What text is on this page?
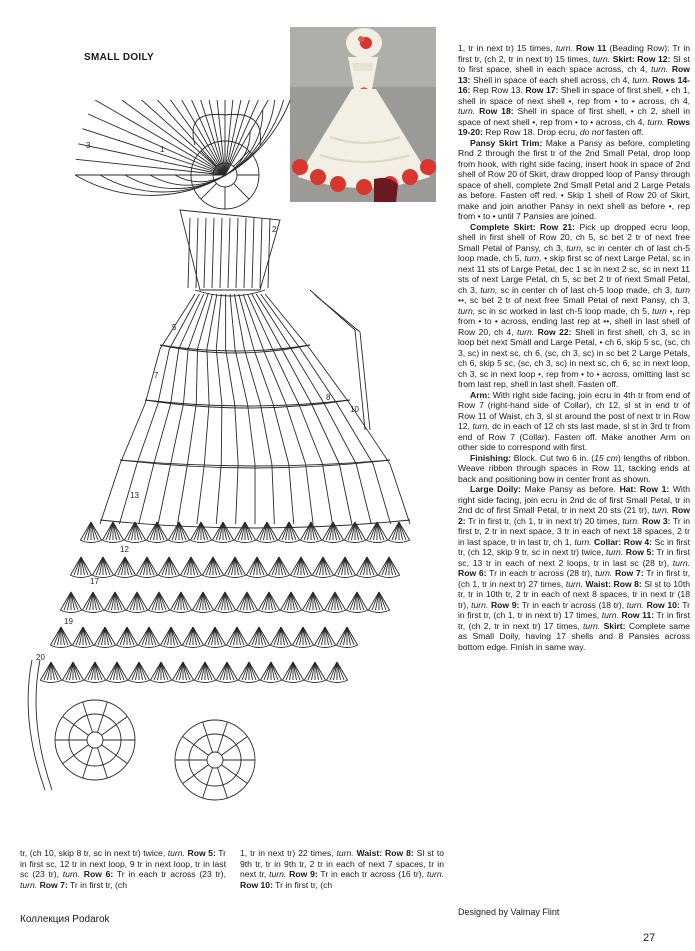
SMALL DOILY
1
3
2
5
7
10
8
13
12
17
19
20

1, tr in next tr) 15 times, turn. Row 11 (Beading Row): Tr in first tr, (ch 2, tr in next tr) 15 times, turn. Skirt: Row 12: Sl st to first space, shell in each space across, ch 4, turn. Row 13: Shell in space of each shell across, ch 4, turn. Rows 14-16: Rep Row 13. Row 17: Shell in space of first shell, • ch 1, shell in space of next shell •, rep from • to • across, ch 4, turn. Row 18: Shell in space of first shell, • ch 2, shell in space of next shell •, rep from • to • across, ch 4, turn. Rows 19-20: Rep Row 18. Drop ecru, do not fasten off.

Pansy Skirt Trim: Make a Pansy as before, completing Rnd 2 through the first tr of the 2nd Small Petal, drop loop from hook, with right side facing, insert hook in space of 2nd shell of Row 20 of Skirt, draw dropped loop of Pansy through space of shell, complete 2nd Small Petal and 2 Large Petals as before. Fasten off red. • Skip 1 shell of Row 20 of Skirt, make and join another Pansy in next shell as before •, rep from • to • until 7 Pansies are joined.

Complete Skirt: Row 21: Pick up dropped ecru loop, shell in first shell of Row 20, ch 5, sc bet 2 tr of next free Small Petal of Pansy, ch 3, turn, sc in center ch of last ch-5 loop made, ch 5, turn, • skip first sc of next Large Petal, sc in next 11 sts of Large Petal, dec 1 sc in next 2 sc, sc in next 11 sts of next Large Petal, ch 5, sc bet 2 tr of next Small Petal, ch 3, turn, sc in center ch of last ch-5 loop made, ch 3, turn ••, sc bet 2 tr of next free Small Petal of next Pansy, ch 3, turn, sc in sc worked in last ch-5 loop made, ch 5, turn •, rep from • to • across, ending last rep at ••, shell in last shell of Row 20, ch 4, turn. Row 22: Shell in first shell, ch 3, sc in loop bet next Small and Large Petal, • ch 6, skip 5 sc, (sc, ch 3, sc) in next sc, ch 6, (sc, ch 3, sc) in sc bet 2 Large Petals, ch 6, skip 5 sc, (sc, ch 3, sc) in next sc, ch 6, sc in next loop, ch 3, sc in next loop •, rep from • to • across, omitting last sc from last rep, shell in last shell. Fasten off.

Arm: With right side facing, join ecru in 4th tr from end of Row 7 (right-hand side of Collar), ch 12, sl st in end tr of Row 11 of Waist, ch 3, sl st around the post of next tr in Row 12, turn, dc in each of 12 ch sts last made, sl st in 3rd tr from end of Row 7 (Collar). Fasten off. Make another Arm on other side to correspond with first.

Finishing: Block. Cut two 6 in. (15 cm) lengths of ribbon. Weave ribbon through spaces in Row 11, tacking ends at back and positioning bow in center front as shown.

Large Doily: Make Pansy as before. Hat: Row 1: With right side facing, join ecru in 2nd dc of first Small Petal, tr in 2nd dc of first Small Petal, tr in next 20 sts (21 tr), turn. Row 2: Tr in first tr, (ch 1, tr in next tr) 20 times, turn. Row 3: Tr in first tr, 2 tr in next space, 3 tr in each of next 18 spaces, 2 tr in last space, tr in last tr, ch 1, turn. Collar: Row 4: Sc in first tr, (ch 12, skip 9 tr, sc in next tr) twice, turn. Row 5: Tr in first sc, 13 tr in each of next 2 loops, tr in last sc (28 tr), turn. Row 6: Tr in each tr across (28 tr), turn. Row 7: Tr in first tr, (ch 1, tr in next tr) 27 times, turn. Waist: Row 8: Sl st to 10th tr, tr in 10th tr, 2 tr in each of next 8 spaces, tr in next tr (18 tr), turn. Row 9: Tr in each tr across (18 tr), turn. Row 10: Tr in first tr, (ch 1, tr in next tr) 17 times, turn. Row 11: Tr in first tr, (ch 2, tr in next tr) 17 times, turn. Skirt: Complete same as Small Doily, having 17 shells and 8 Pansies across bottom edge. Finish in same way.

tr, (ch 10, skip 8 tr, sc in next tr) twice, turn. Row 5: Tr in first sc, 12 tr in next loop, 9 tr in next loop, tr in last sc (23 tr), turn. Row 6: Tr in each tr across (23 tr), turn. Row 7: Tr in first tr, (ch

1, tr in next tr) 22 times, turn. Waist: Row 8: Sl st to 9th tr, tr in 9th tr, 2 tr in each of next 7 spaces, tr in next tr, turn. Row 9: Tr in each tr across (16 tr), turn. Row 10: Tr in first tr, (ch

Designed by Valmay Flint
Коллекция Podarok
27
